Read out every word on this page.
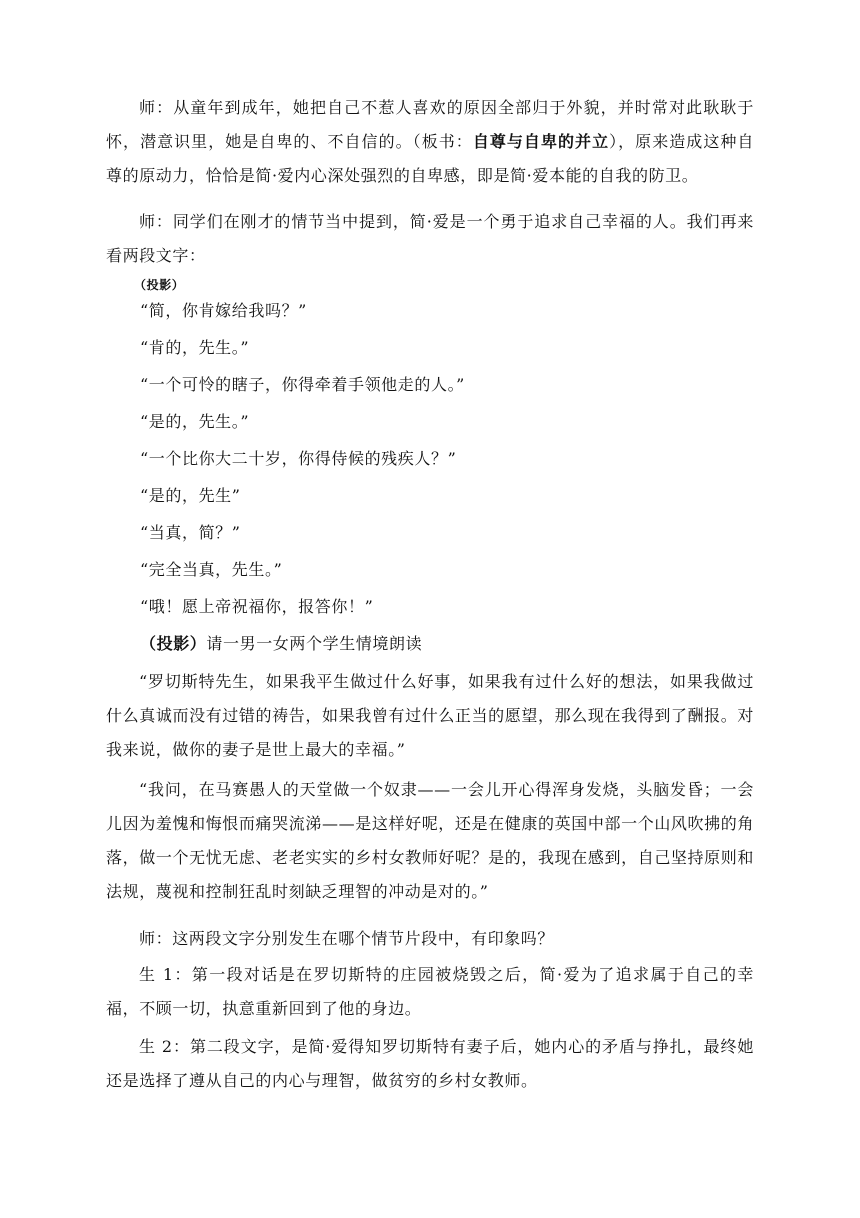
师：从童年到成年，她把自己不惹人喜欢的原因全部归于外貌，并时常对此耿耿于怀，潜意识里，她是自卑的、不自信的。（板书：自尊与自卑的并立），原来造成这种自尊的原动力，恰恰是简·爱内心深处强烈的自卑感，即是简·爱本能的自我的防卫。

师：同学们在刚才的情节当中提到，简·爱是一个勇于追求自己幸福的人。我们再来看两段文字：

（投影）

“简，你肯嫁给我吗？”

“肯的，先生。”

“一个可怜的瞎子，你得牵着手领他走的人。”

“是的，先生。”

“一个比你大二十岁，你得侍候的残疾人？”

“是的，先生”

“当真，简？”

“完全当真，先生。”

“哦！愿上帝祝福你，报答你！”

（投影）请一男一女两个学生情境朗读

“罗切斯特先生，如果我平生做过什么好事，如果我有过什么好的想法，如果我做过什么真诚而没有过错的祷告，如果我曾有过什么正当的愿望，那么现在我得到了酬报。对我来说，做你的妻子是世上最大的幸福。”

“我问，在马赛愚人的天堂做一个奴隶——一会儿开心得浑身发烧，头脑发昏；一会儿因为羞愧和悔恨而痛哭流涕——是这样好呢，还是在健康的英国中部一个山风吹拂的角落，做一个无忧无虑、老老实实的乡村女教师好呢？是的，我现在感到，自己坚持原则和法规，蔑视和控制狂乱时刻缺乏理智的冲动是对的。”

师：这两段文字分别发生在哪个情节片段中，有印象吗？

生 1：第一段对话是在罗切斯特的庄园被烧毁之后，简·爱为了追求属于自己的幸福，不顾一切，执意重新回到了他的身边。

生 2：第二段文字，是简·爱得知罗切斯特有妻子后，她内心的矛盾与挣扎，最终她还是选择了遵从自己的内心与理智，做贫穷的乡村女教师。
